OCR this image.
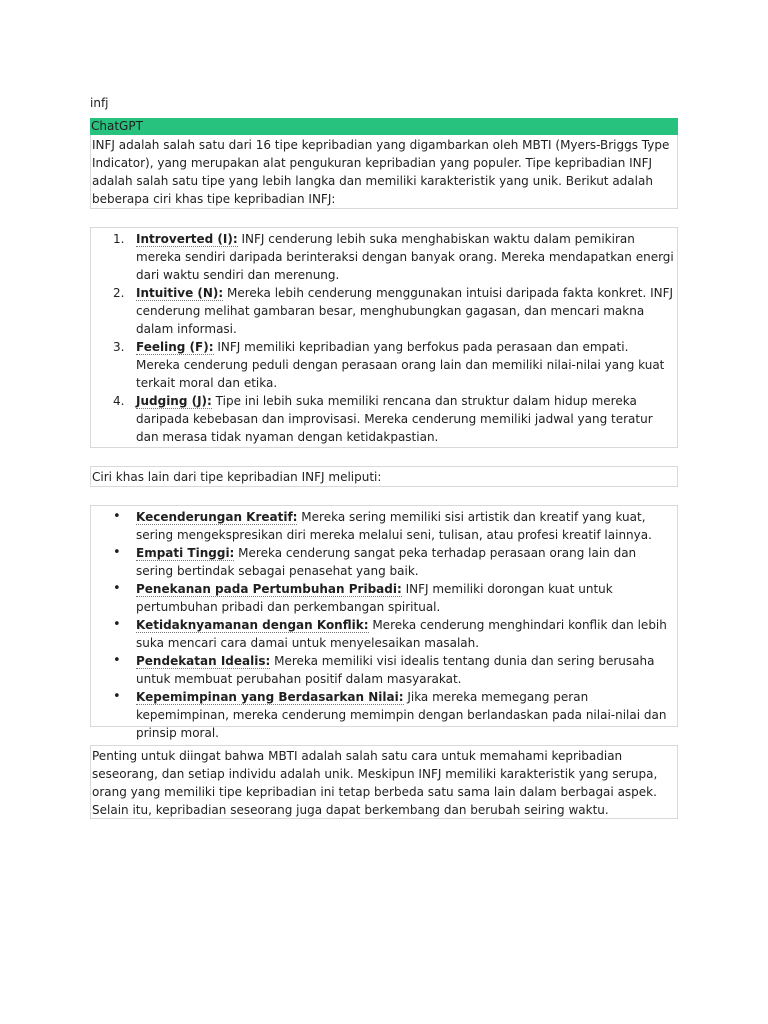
infj

ChatGPT

INFJ adalah salah satu dari 16 tipe kepribadian yang digambarkan oleh MBTI (Myers-Briggs Type Indicator), yang merupakan alat pengukuran kepribadian yang populer. Tipe kepribadian INFJ adalah salah satu tipe yang lebih langka dan memiliki karakteristik yang unik. Berikut adalah beberapa ciri khas tipe kepribadian INFJ:

1. Introverted (I): INFJ cenderung lebih suka menghabiskan waktu dalam pemikiran mereka sendiri daripada berinteraksi dengan banyak orang. Mereka mendapatkan energi dari waktu sendiri dan merenung.
2. Intuitive (N): Mereka lebih cenderung menggunakan intuisi daripada fakta konkret. INFJ cenderung melihat gambaran besar, menghubungkan gagasan, dan mencari makna dalam informasi.
3. Feeling (F): INFJ memiliki kepribadian yang berfokus pada perasaan dan empati. Mereka cenderung peduli dengan perasaan orang lain dan memiliki nilai-nilai yang kuat terkait moral dan etika.
4. Judging (J): Tipe ini lebih suka memiliki rencana dan struktur dalam hidup mereka daripada kebebasan dan improvisasi. Mereka cenderung memiliki jadwal yang teratur dan merasa tidak nyaman dengan ketidakpastian.

Ciri khas lain dari tipe kepribadian INFJ meliputi:

• Kecenderungan Kreatif: Mereka sering memiliki sisi artistik dan kreatif yang kuat, sering mengekspresikan diri mereka melalui seni, tulisan, atau profesi kreatif lainnya.
• Empati Tinggi: Mereka cenderung sangat peka terhadap perasaan orang lain dan sering bertindak sebagai penasehat yang baik.
• Penekanan pada Pertumbuhan Pribadi: INFJ memiliki dorongan kuat untuk pertumbuhan pribadi dan perkembangan spiritual.
• Ketidaknyamanan dengan Konflik: Mereka cenderung menghindari konflik dan lebih suka mencari cara damai untuk menyelesaikan masalah.
• Pendekatan Idealis: Mereka memiliki visi idealis tentang dunia dan sering berusaha untuk membuat perubahan positif dalam masyarakat.
• Kepemimpinan yang Berdasarkan Nilai: Jika mereka memegang peran kepemimpinan, mereka cenderung memimpin dengan berlandaskan pada nilai-nilai dan prinsip moral.

Penting untuk diingat bahwa MBTI adalah salah satu cara untuk memahami kepribadian seseorang, dan setiap individu adalah unik. Meskipun INFJ memiliki karakteristik yang serupa, orang yang memiliki tipe kepribadian ini tetap berbeda satu sama lain dalam berbagai aspek. Selain itu, kepribadian seseorang juga dapat berkembang dan berubah seiring waktu.
